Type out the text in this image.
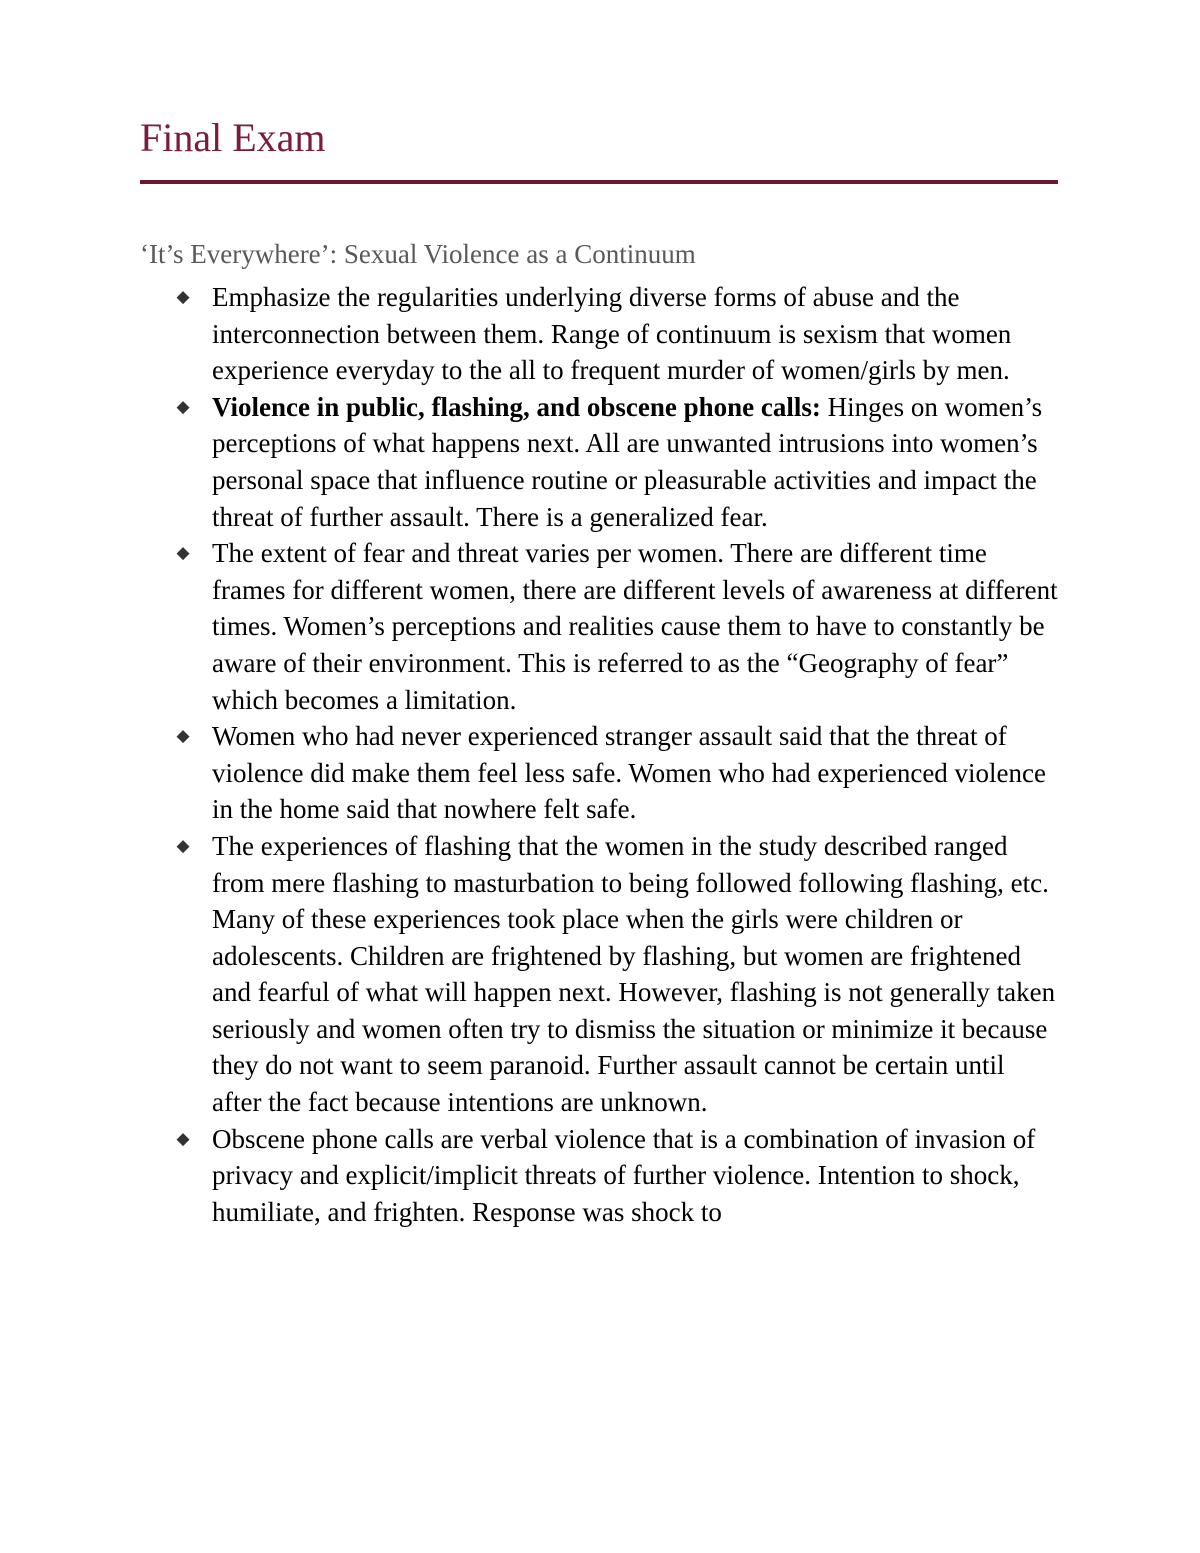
Final Exam
‘It’s Everywhere’: Sexual Violence as a Continuum
◆ Emphasize the regularities underlying diverse forms of abuse and the interconnection between them. Range of continuum is sexism that women experience everyday to the all to frequent murder of women/girls by men.
◆ Violence in public, flashing, and obscene phone calls: Hinges on women’s perceptions of what happens next. All are unwanted intrusions into women’s personal space that influence routine or pleasurable activities and impact the threat of further assault. There is a generalized fear.
◆ The extent of fear and threat varies per women. There are different time frames for different women, there are different levels of awareness at different times. Women’s perceptions and realities cause them to have to constantly be aware of their environment. This is referred to as the “Geography of fear” which becomes a limitation.
◆ Women who had never experienced stranger assault said that the threat of violence did make them feel less safe. Women who had experienced violence in the home said that nowhere felt safe.
◆ The experiences of flashing that the women in the study described ranged from mere flashing to masturbation to being followed following flashing, etc. Many of these experiences took place when the girls were children or adolescents. Children are frightened by flashing, but women are frightened and fearful of what will happen next. However, flashing is not generally taken seriously and women often try to dismiss the situation or minimize it because they do not want to seem paranoid. Further assault cannot be certain until after the fact because intentions are unknown.
◆ Obscene phone calls are verbal violence that is a combination of invasion of privacy and explicit/implicit threats of further violence. Intention to shock, humiliate, and frighten. Response was shock to
